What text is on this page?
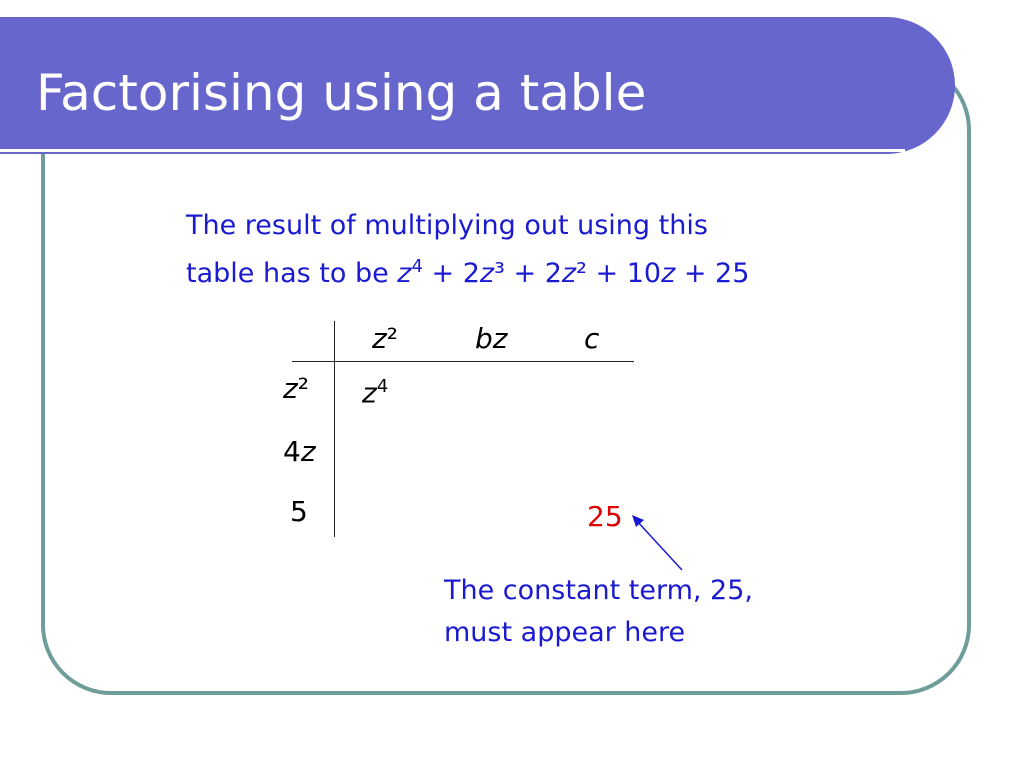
Factorising using a table
The result of multiplying out using this
table has to be $z^4 + 2z^3 + 2z^2 + 10z + 25$
z²	bz	c
z²
4z
5
$z^4$
25
The constant term, 25,
must appear here
